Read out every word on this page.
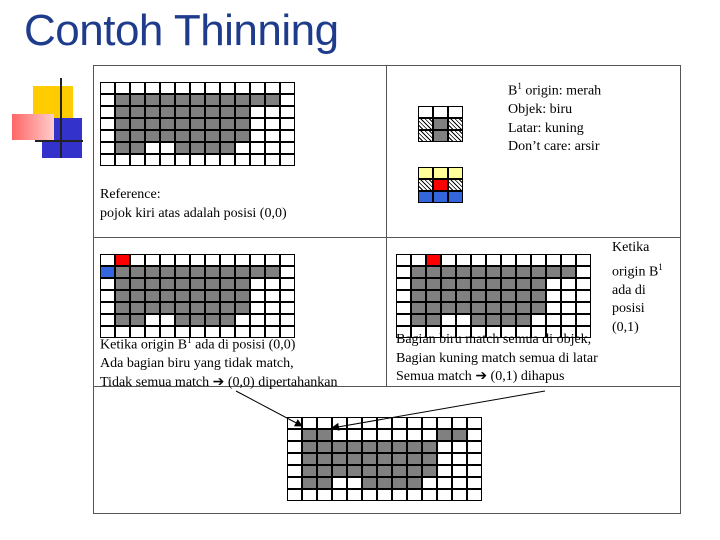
Contoh Thinning
$B^1$ origin: merah
Objek: biru
Latar: kuning
Don’t care: arsir
Reference:
pojok kiri atas adalah posisi (0,0)
Ketika origin $B^1$ ada di posisi (0,0)
Ada bagian biru yang tidak match,
Tidak semua match ➔ (0,0) dipertahankan
Ketika
origin $B^1$
ada di
posisi
(0,1)
Bagian biru match semua di objek,
Bagian kuning match semua di latar
Semua match ➔ (0,1) dihapus
